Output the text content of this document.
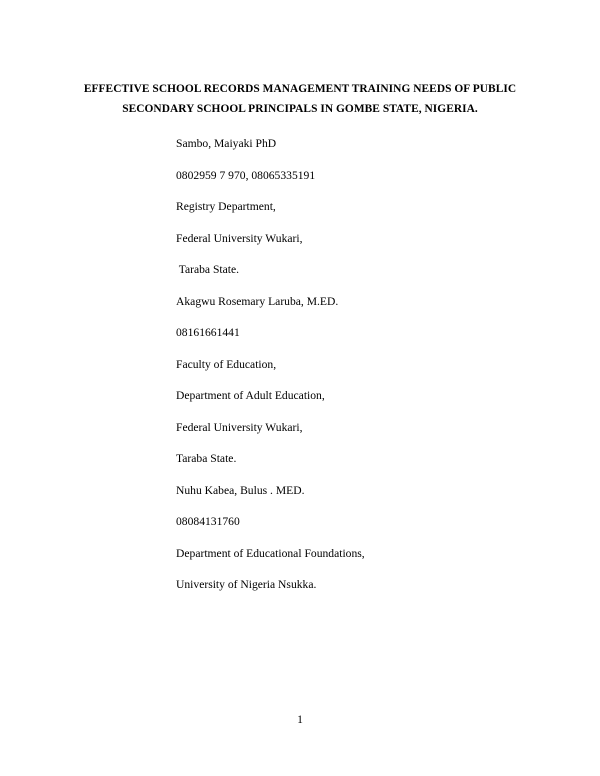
EFFECTIVE SCHOOL RECORDS MANAGEMENT TRAINING NEEDS OF PUBLIC
SECONDARY SCHOOL PRINCIPALS IN GOMBE STATE, NIGERIA.
Sambo, Maiyaki PhD
0802959 7 970, 08065335191
Registry Department,
Federal University Wukari,
Taraba State.
Akagwu Rosemary Laruba, M.ED.
08161661441
Faculty of Education,
Department of Adult Education,
Federal University Wukari,
Taraba State.
Nuhu Kabea, Bulus . MED.
08084131760
Department of Educational Foundations,
University of Nigeria Nsukka.
1
